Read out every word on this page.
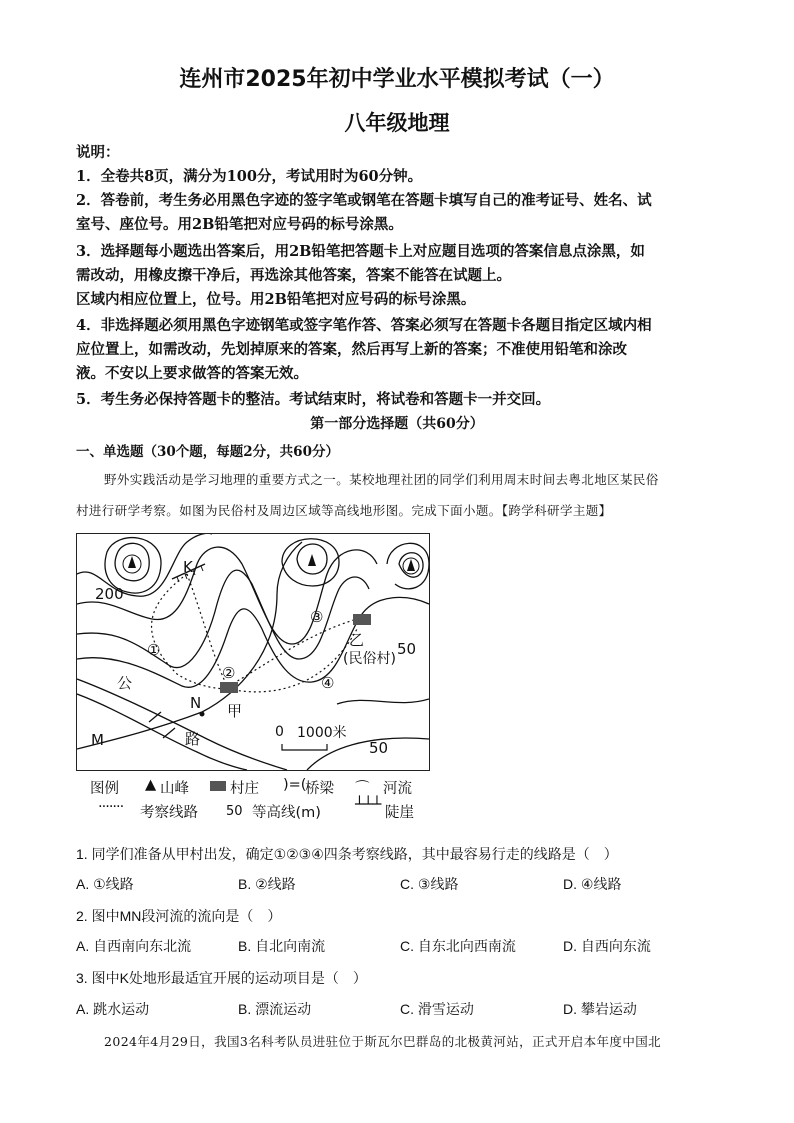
连州市2025年初中学业水平模拟考试（一）
八年级地理
说明：
1．全卷共8页，满分为100分，考试用时为60分钟。
2．答卷前，考生务必用黑色字迹的签字笔或钢笔在答题卡填写自己的准考证号、姓名、试
室号、座位号。用2B铅笔把对应号码的标号涂黑。
3．选择题每小题选出答案后，用2B铅笔把答题卡上对应题目选项的答案信息点涂黑，如
需改动，用橡皮擦干净后，再选涂其他答案，答案不能答在试题上。
区域内相应位置上，位号。用2B铅笔把对应号码的标号涂黑。
4．非选择题必须用黑色字迹钢笔或签字笔作答、答案必须写在答题卡各题目指定区域内相
应位置上，如需改动，先划掉原来的答案，然后再写上新的答案；不准使用铅笔和涂改
液。不安以上要求做答的答案无效。
5．考生务必保持答题卡的整洁。考试结束时，将试卷和答题卡一并交回。
第一部分选择题（共60分）
一、单选题（30个题，每题2分，共60分）
野外实践活动是学习地理的重要方式之一。某校地理社团的同学们利用周末时间去粤北地区某民俗
村进行研学考察。如图为民俗村及周边区域等高线地形图。完成下面小题。【跨学科研学主题】
K
200
50
50
①
②
③
④
乙
(民俗村)
甲
N
M
公
路	0 1000米
图例 ▲ 山峰	村庄 )=(
桥梁 ⌒ 河流
······· 考察线路 50 等高线(m) ┴┴┴ 陡崖
1. 同学们准备从甲村出发，确定①②③④四条考察线路，其中最容易行走的线路是（　）
A. ①线路	B. ②线路	C. ③线路	D. ④线路
2. 图中MN段河流的流向是（　）
A. 自西南向东北流	B. 自北向南流	C. 自东北向西南流	D. 自西向东流
3. 图中K处地形最适宜开展的运动项目是（　）
A. 跳水运动	B. 漂流运动	C. 滑雪运动	D. 攀岩运动
2024年4月29日，我国3名科考队员进驻位于斯瓦尔巴群岛的北极黄河站，正式开启本年度中国北
